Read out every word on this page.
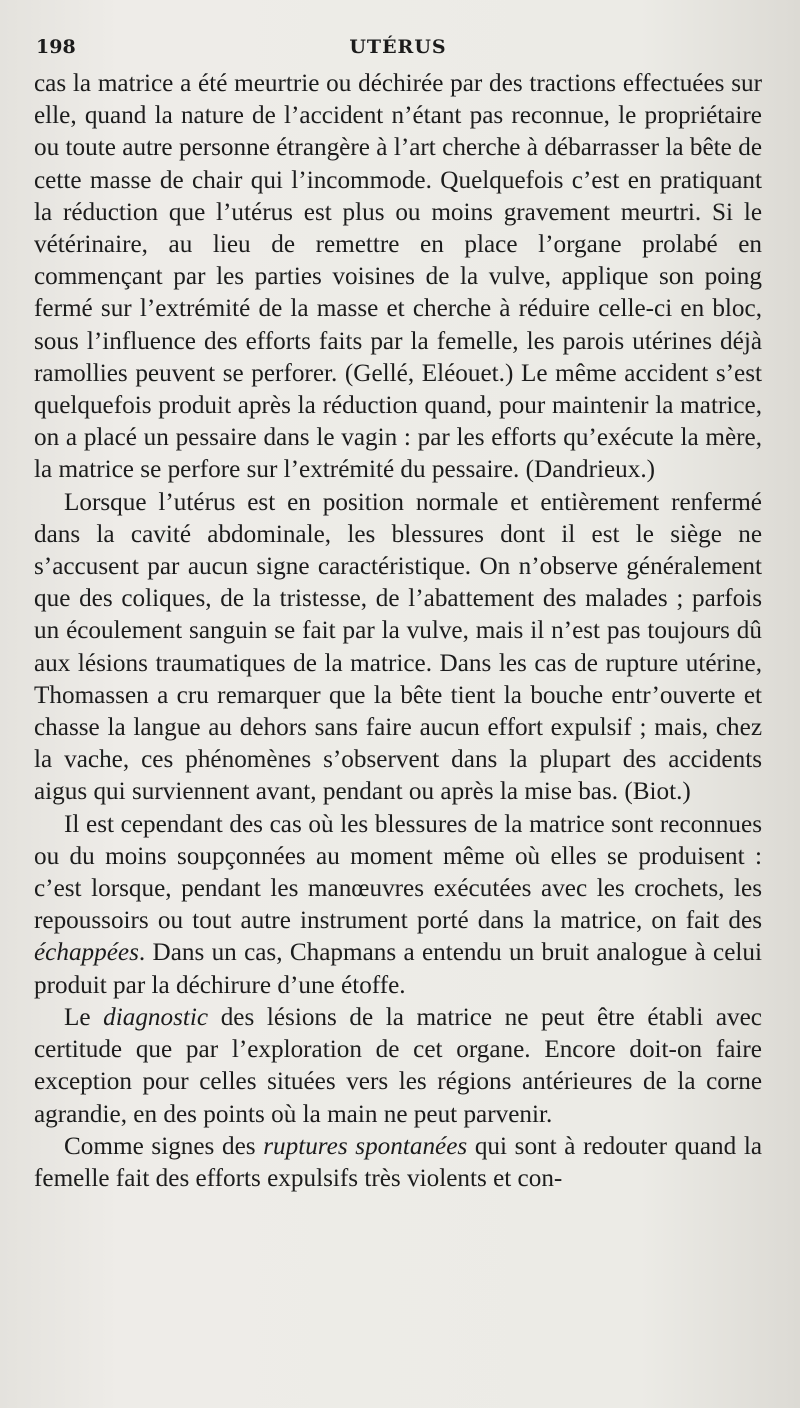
198	UTÉRUS

cas la matrice a été meurtrie ou déchirée par des tractions effectuées sur elle, quand la nature de l’accident n’étant pas reconnue, le propriétaire ou toute autre personne étrangère à l’art cherche à débarrasser la bête de cette masse de chair qui l’incommode. Quelquefois c’est en pratiquant la réduction que l’utérus est plus ou moins gravement meurtri. Si le vétérinaire, au lieu de remettre en place l’organe prolabé en commençant par les parties voisines de la vulve, applique son poing fermé sur l’extrémité de la masse et cherche à réduire celle-ci en bloc, sous l’influence des efforts faits par la femelle, les parois utérines déjà ramollies peuvent se perforer. (Gellé, Eléouet.) Le même accident s’est quelquefois produit après la réduction quand, pour maintenir la matrice, on a placé un pessaire dans le vagin : par les efforts qu’exécute la mère, la matrice se perfore sur l’extrémité du pessaire. (Dandrieux.)

Lorsque l’utérus est en position normale et entièrement renfermé dans la cavité abdominale, les blessures dont il est le siège ne s’accusent par aucun signe caractéristique. On n’observe généralement que des coliques, de la tristesse, de l’abattement des malades ; parfois un écoulement sanguin se fait par la vulve, mais il n’est pas toujours dû aux lésions traumatiques de la matrice. Dans les cas de rupture utérine, Thomassen a cru remarquer que la bête tient la bouche entr’ouverte et chasse la langue au dehors sans faire aucun effort expulsif ; mais, chez la vache, ces phénomènes s’observent dans la plupart des accidents aigus qui surviennent avant, pendant ou après la mise bas. (Biot.)

Il est cependant des cas où les blessures de la matrice sont reconnues ou du moins soupçonnées au moment même où elles se produisent : c’est lorsque, pendant les manœuvres exécutées avec les crochets, les repoussoirs ou tout autre instrument porté dans la matrice, on fait des échappées. Dans un cas, Chapmans a entendu un bruit analogue à celui produit par la déchirure d’une étoffe.

Le diagnostic des lésions de la matrice ne peut être établi avec certitude que par l’exploration de cet organe. Encore doit-on faire exception pour celles situées vers les régions antérieures de la corne agrandie, en des points où la main ne peut parvenir.

Comme signes des ruptures spontanées qui sont à redouter quand la femelle fait des efforts expulsifs très violents et con-
